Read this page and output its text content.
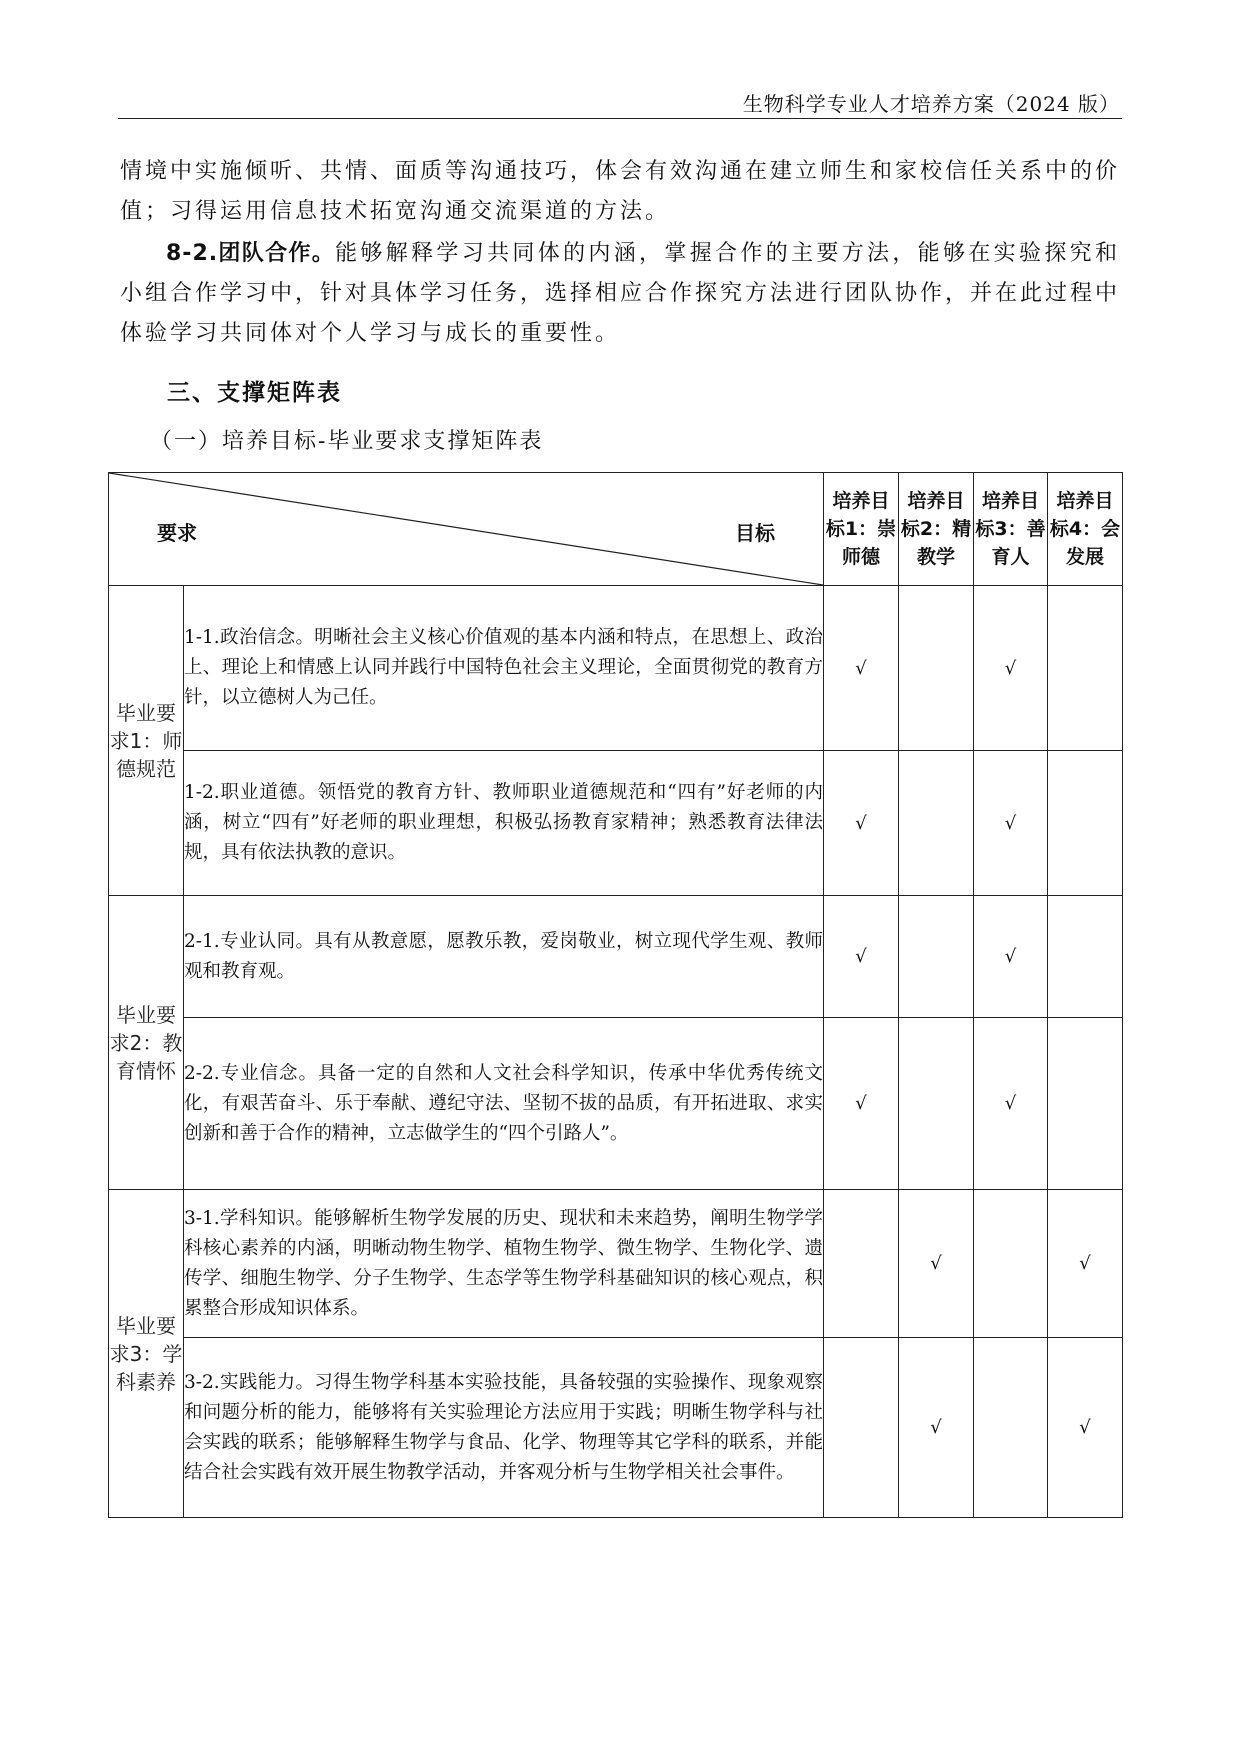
生物科学专业人才培养方案（2024 版）

情境中实施倾听、共情、面质等沟通技巧，体会有效沟通在建立师生和家校信任关系中的价值；习得运用信息技术拓宽沟通交流渠道的方法。

8-2.团队合作。能够解释学习共同体的内涵，掌握合作的主要方法，能够在实验探究和小组合作学习中，针对具体学习任务，选择相应合作探究方法进行团队协作，并在此过程中体验学习共同体对个人学习与成长的重要性。

三、支撑矩阵表
（一）培养目标-毕业要求支撑矩阵表
要求 目标		培养目标1：崇师德	培养目标2：精教学	培养目标3：善育人	培养目标4：会发展
毕业要求1：师德规范	1-1.政治信念。明晰社会主义核心价值观的基本内涵和特点，在思想上、政治上、理论上和情感上认同并践行中国特色社会主义理论，全面贯彻党的教育方针，以立德树人为己任。	√		√	
	1-2.职业道德。领悟党的教育方针、教师职业道德规范和“四有”好老师的内涵，树立“四有”好老师的职业理想，积极弘扬教育家精神；熟悉教育法律法规，具有依法执教的意识。	√		√	
毕业要求2：教育情怀	2-1.专业认同。具有从教意愿，愿教乐教，爱岗敬业，树立现代学生观、教师观和教育观。	√		√	
	2-2.专业信念。具备一定的自然和人文社会科学知识，传承中华优秀传统文化，有艰苦奋斗、乐于奉献、遵纪守法、坚韧不拔的品质，有开拓进取、求实创新和善于合作的精神，立志做学生的“四个引路人”。	√		√	
毕业要求3：学科素养	3-1.学科知识。能够解析生物学发展的历史、现状和未来趋势，阐明生物学学科核心素养的内涵，明晰动物生物学、植物生物学、微生物学、生物化学、遗传学、细胞生物学、分子生物学、生态学等生物学科基础知识的核心观点，积累整合形成知识体系。		√		√
	3-2.实践能力。习得生物学科基本实验技能，具备较强的实验操作、现象观察和问题分析的能力，能够将有关实验理论方法应用于实践；明晰生物学科与社会实践的联系；能够解释生物学与食品、化学、物理等其它学科的联系，并能结合社会实践有效开展生物教学活动，并客观分析与生物学相关社会事件。		√		√
